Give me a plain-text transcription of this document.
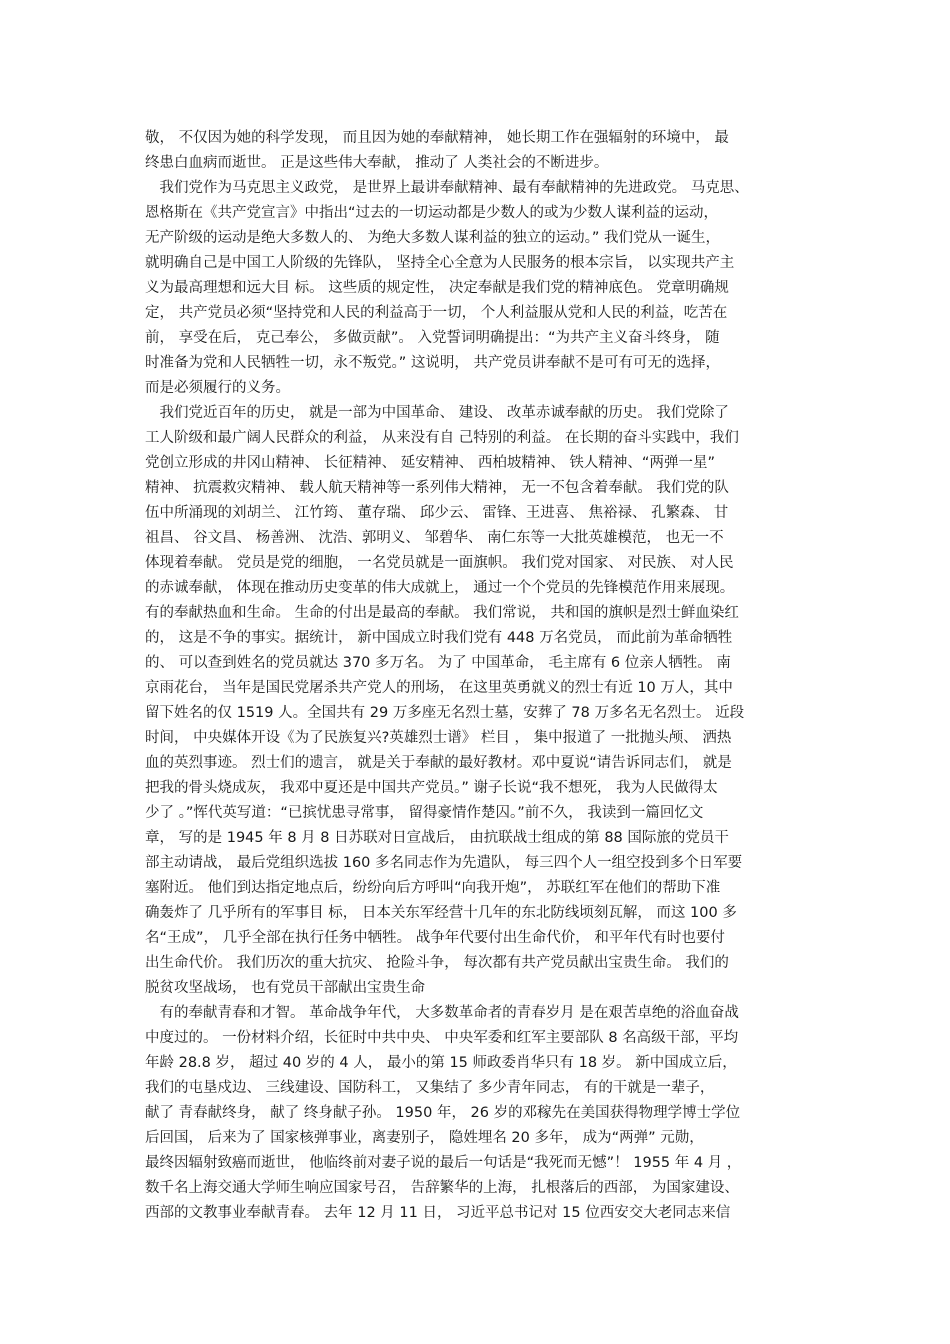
敬， 不仅因为她的科学发现， 而且因为她的奉献精神， 她长期工作在强辐射的环境中， 最
终患白血病而逝世。 正是这些伟大奉献， 推动了 人类社会的不断进步。
　我们党作为马克思主义政党， 是世界上最讲奉献精神、最有奉献精神的先进政党。 马克思、
恩格斯在《共产党宣言》中指出“过去的一切运动都是少数人的或为少数人谋利益的运动，
无产阶级的运动是绝大多数人的、 为绝大多数人谋利益的独立的运动。” 我们党从一诞生，
就明确自己是中国工人阶级的先锋队， 坚持全心全意为人民服务的根本宗旨， 以实现共产主
义为最高理想和远大目 标。 这些质的规定性， 决定奉献是我们党的精神底色。 党章明确规
定， 共产党员必须“坚持党和人民的利益高于一切， 个人利益服从党和人民的利益，吃苦在
前， 享受在后， 克己奉公， 多做贡献”。 入党誓词明确提出：“为共产主义奋斗终身， 随
时准备为党和人民牺牲一切，永不叛党。” 这说明， 共产党员讲奉献不是可有可无的选择，
而是必须履行的义务。
　我们党近百年的历史， 就是一部为中国革命、 建设、 改革赤诚奉献的历史。 我们党除了
工人阶级和最广阔人民群众的利益， 从来没有自 己特别的利益。 在长期的奋斗实践中，我们
党创立形成的井冈山精神、 长征精神、 延安精神、 西柏坡精神、 铁人精神、“两弹一星”
精神、 抗震救灾精神、 载人航天精神等一系列伟大精神， 无一不包含着奉献。 我们党的队
伍中所涌现的刘胡兰、 江竹筠、 董存瑞、 邱少云、 雷锋、王进喜、 焦裕禄、 孔繁森、 甘
祖昌、 谷文昌、 杨善洲、 沈浩、郭明义、 邹碧华、 南仁东等一大批英雄模范， 也无一不
体现着奉献。 党员是党的细胞， 一名党员就是一面旗帜。 我们党对国家、 对民族、 对人民
的赤诚奉献， 体现在推动历史变革的伟大成就上， 通过一个个党员的先锋模范作用来展现。
有的奉献热血和生命。 生命的付出是最高的奉献。 我们常说， 共和国的旗帜是烈士鲜血染红
的， 这是不争的事实。据统计， 新中国成立时我们党有 448 万名党员， 而此前为革命牺牲
的、 可以查到姓名的党员就达 370 多万名。 为了 中国革命， 毛主席有 6 位亲人牺牲。 南
京雨花台， 当年是国民党屠杀共产党人的刑场， 在这里英勇就义的烈士有近 10 万人，其中
留下姓名的仅 1519 人。全国共有 29 万多座无名烈士墓，安葬了 78 万多名无名烈士。 近段
时间， 中央媒体开设《为了民族复兴?英雄烈士谱》 栏目 ， 集中报道了 一批抛头颅、 洒热
血的英烈事迹。 烈士们的遗言， 就是关于奉献的最好教材。邓中夏说“请告诉同志们， 就是
把我的骨头烧成灰， 我邓中夏还是中国共产党员。” 谢子长说“我不想死， 我为人民做得太
少了 。”恽代英写道：“已摈忧患寻常事， 留得豪情作楚囚。”前不久， 我读到一篇回忆文
章， 写的是 1945 年 8 月 8 日苏联对日宣战后， 由抗联战士组成的第 88 国际旅的党员干
部主动请战， 最后党组织选拔 160 多名同志作为先遣队， 每三四个人一组空投到多个日军要
塞附近。 他们到达指定地点后，纷纷向后方呼叫“向我开炮”， 苏联红军在他们的帮助下准
确轰炸了 几乎所有的军事目 标， 日本关东军经营十几年的东北防线顷刻瓦解， 而这 100 多
名“王成”， 几乎全部在执行任务中牺牲。 战争年代要付出生命代价， 和平年代有时也要付
出生命代价。 我们历次的重大抗灾、 抢险斗争， 每次都有共产党员献出宝贵生命。 我们的
脱贫攻坚战场， 也有党员干部献出宝贵生命
　有的奉献青春和才智。 革命战争年代， 大多数革命者的青春岁月 是在艰苦卓绝的浴血奋战
中度过的。 一份材料介绍，长征时中共中央、 中央军委和红军主要部队 8 名高级干部，平均
年龄 28.8 岁， 超过 40 岁的 4 人， 最小的第 15 师政委肖华只有 18 岁。 新中国成立后，
我们的屯垦戍边、 三线建设、国防科工， 又集结了 多少青年同志， 有的干就是一辈子，
献了 青春献终身， 献了 终身献子孙。 1950 年， 26 岁的邓稼先在美国获得物理学博士学位
后回国， 后来为了 国家核弹事业，离妻别子， 隐姓埋名 20 多年， 成为“两弹” 元勋，
最终因辐射致癌而逝世， 他临终前对妻子说的最后一句话是“我死而无憾”！ 1955 年 4 月 ，
数千名上海交通大学师生响应国家号召， 告辞繁华的上海， 扎根落后的西部， 为国家建设、
西部的文教事业奉献青春。 去年 12 月 11 日， 习近平总书记对 15 位西安交大老同志来信
